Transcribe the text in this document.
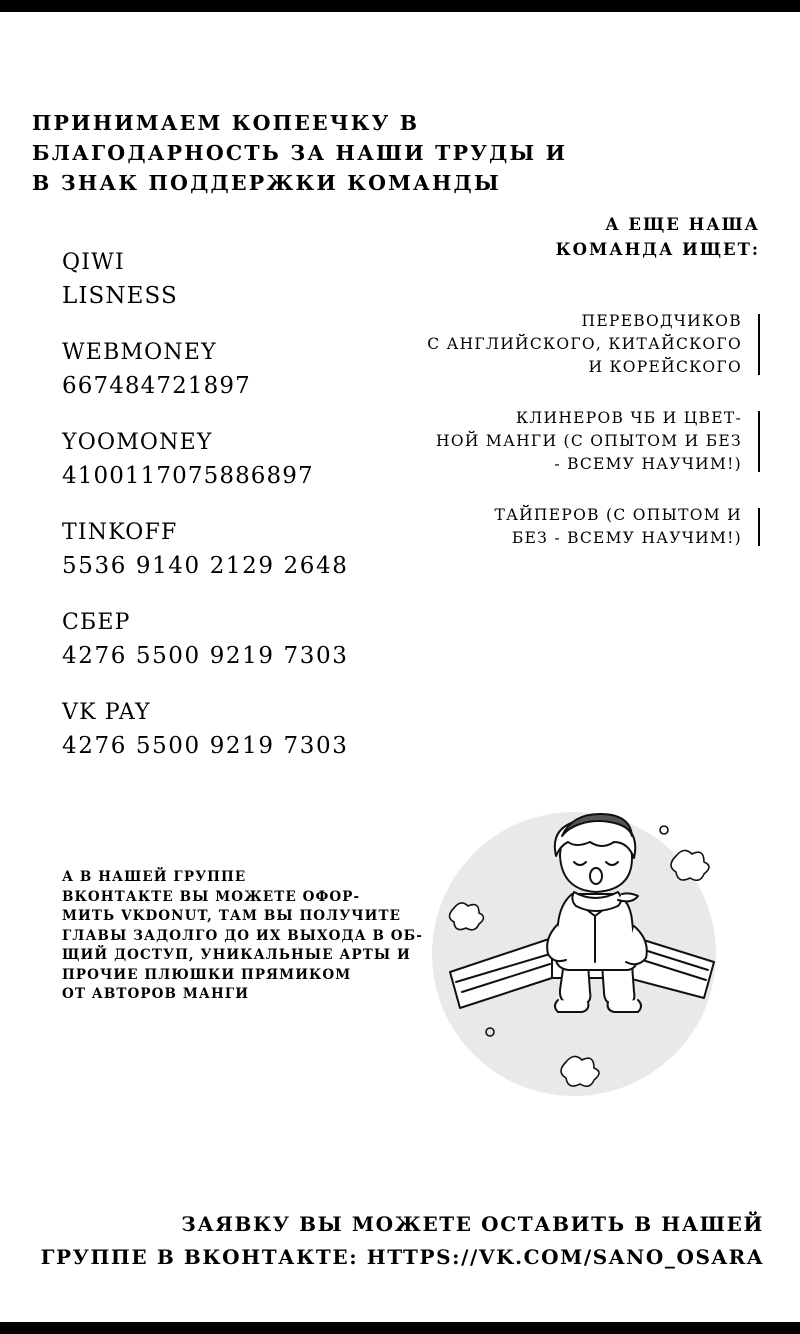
ПРИНИМАЕМ КОПЕЕЧКУ В
БЛАГОДАРНОСТЬ ЗА НАШИ ТРУДЫ И
В ЗНАК ПОДДЕРЖКИ КОМАНДЫ
QIWI
LISNESS
WEBMONEY
667484721897
YOOMONEY
4100117075886897
TINKOFF
5536 9140 2129 2648
СБЕР
4276 5500 9219 7303
VK PAY
4276 5500 9219 7303
А В НАШЕЙ ГРУППЕ
ВКОНТАКТЕ ВЫ МОЖЕТЕ ОФОР-
МИТЬ VKDONUT, ТАМ ВЫ ПОЛУЧИТЕ
ГЛАВЫ ЗАДОЛГО ДО ИХ ВЫХОДА В ОБ-
ЩИЙ ДОСТУП, УНИКАЛЬНЫЕ АРТЫ И
ПРОЧИЕ ПЛЮШКИ ПРЯМИКОМ
ОТ АВТОРОВ МАНГИ
А ЕЩЕ НАША
КОМАНДА ИЩЕТ:
ПЕРЕВОДЧИКОВ
С АНГЛИЙСКОГО, КИТАЙСКОГО
И КОРЕЙСКОГО
КЛИНЕРОВ ЧБ И ЦВЕТ-
НОЙ МАНГИ (С ОПЫТОМ И БЕЗ
- ВСЕМУ НАУЧИМ!)
ТАЙПЕРОВ (С ОПЫТОМ И
БЕЗ - ВСЕМУ НАУЧИМ!)
ЗАЯВКУ ВЫ МОЖЕТЕ ОСТАВИТЬ В НАШЕЙ
ГРУППЕ В ВКОНТАКТЕ: HTTPS://VK.COM/SANO_OSARA
